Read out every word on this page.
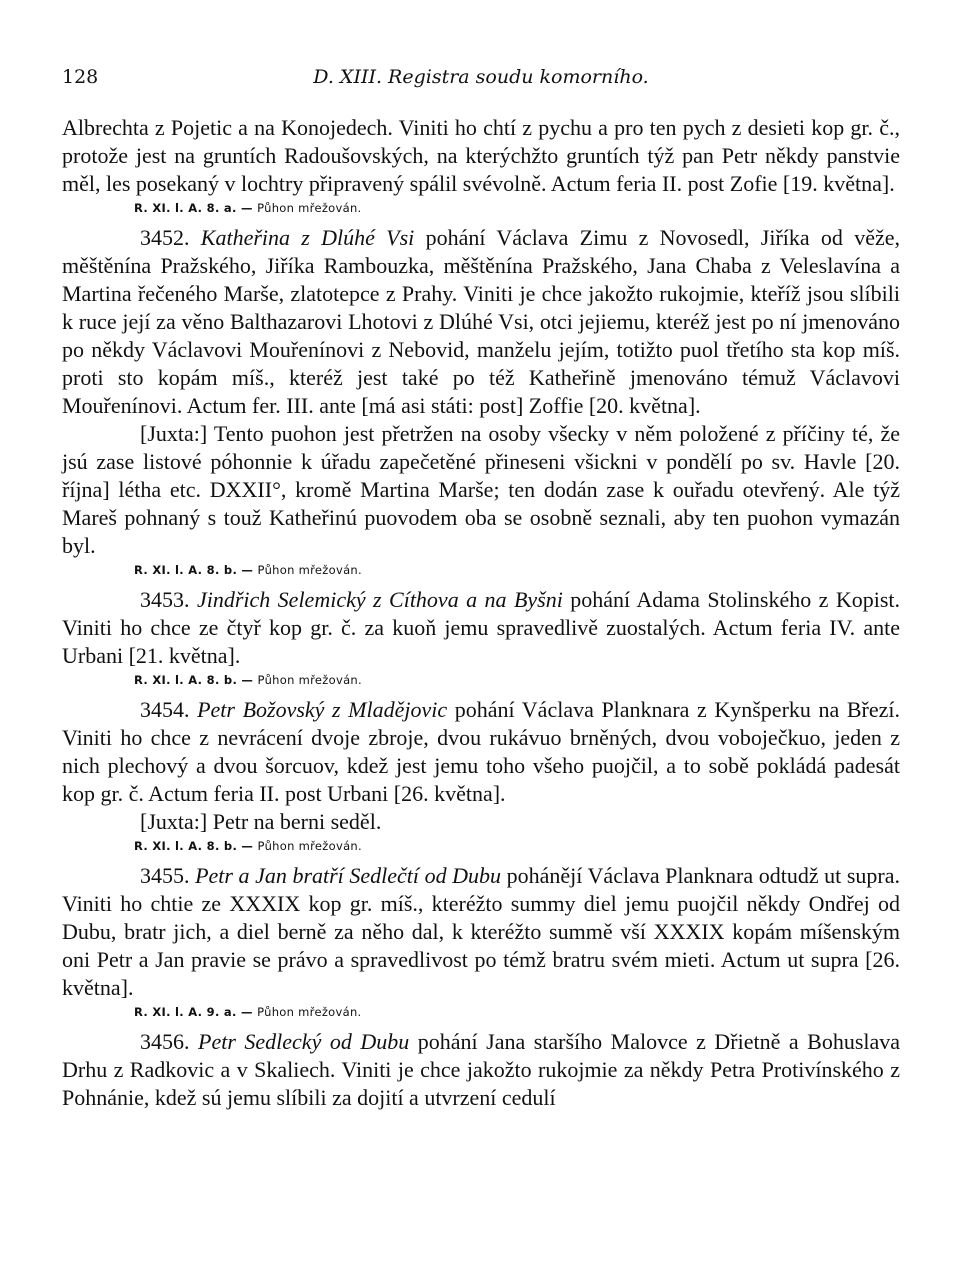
128	D. XIII. Registra soudu komorního.

Albrechta z Pojetic a na Konojedech. Viniti ho chtí z pychu a pro ten pych z desieti kop gr. č., protože jest na gruntích Radoušovských, na kterýchžto gruntích týž pan Petr někdy panstvie měl, les posekaný v lochtry připravený spálil svévolně. Actum feria II. post Zofie [19. května].

R. XI. l. A. 8. a. — Půhon mřežován.

3452. Katheřina z Dlúhé Vsi pohání Václava Zimu z Novosedl, Jiříka od věže, měštěnína Pražského, Jiříka Rambouzka, měštěnína Pražského, Jana Chaba z Veleslavína a Martina řečeného Marše, zlatotepce z Prahy. Viniti je chce jakožto rukojmie, kteříž jsou slíbili k ruce její za věno Balthazarovi Lhotovi z Dlúhé Vsi, otci jejiemu, kteréž jest po ní jmenováno po někdy Václavovi Mouřenínovi z Nebovid, manželu jejím, totižto puol třetího sta kop míš. proti sto kopám míš., kteréž jest také po též Katheřině jmenováno témuž Václavovi Mouřenínovi. Actum fer. III. ante [má asi státi: post] Zoffie [20. května].

[Juxta:] Tento puohon jest přetržen na osoby všecky v něm položené z příčiny té, že jsú zase listové póhonnie k úřadu zapečetěné přineseni všickni v pondělí po sv. Havle [20. října] létha etc. DXXII°, kromě Martina Marše; ten dodán zase k ouřadu otevřený. Ale týž Mareš pohnaný s touž Katheřinú puovodem oba se osobně seznali, aby ten puohon vymazán byl.

R. XI. l. A. 8. b. — Půhon mřežován.

3453. Jindřich Selemický z Cíthova a na Byšni pohání Adama Stolinského z Kopist. Viniti ho chce ze čtyř kop gr. č. za kuoň jemu spravedlivě zuostalých. Actum feria IV. ante Urbani [21. května].

R. XI. l. A. 8. b. — Půhon mřežován.

3454. Petr Božovský z Mladějovic pohání Václava Planknara z Kynšperku na Březí. Viniti ho chce z nevrácení dvoje zbroje, dvou rukávuo brněných, dvou voboječkuo, jeden z nich plechový a dvou šorcuov, kdež jest jemu toho všeho puojčil, a to sobě pokládá padesát kop gr. č. Actum feria II. post Urbani [26. května].

[Juxta:] Petr na berni seděl.

R. XI. l. A. 8. b. — Půhon mřežován.

3455. Petr a Jan bratří Sedlečtí od Dubu pohánějí Václava Planknara odtudž ut supra. Viniti ho chtie ze XXXIX kop gr. míš., kteréžto summy diel jemu puojčil někdy Ondřej od Dubu, bratr jich, a diel berně za něho dal, k kteréžto summě vší XXXIX kopám míšenským oni Petr a Jan pravie se právo a spravedlivost po témž bratru svém mieti. Actum ut supra [26. května].

R. XI. l. A. 9. a. — Půhon mřežován.

3456. Petr Sedlecký od Dubu pohání Jana staršího Malovce z Dřietně a Bohuslava Drhu z Radkovic a v Skaliech. Viniti je chce jakožto rukojmie za někdy Petra Protivínského z Pohnánie, kdež sú jemu slíbili za dojití a utvrzení cedulí
